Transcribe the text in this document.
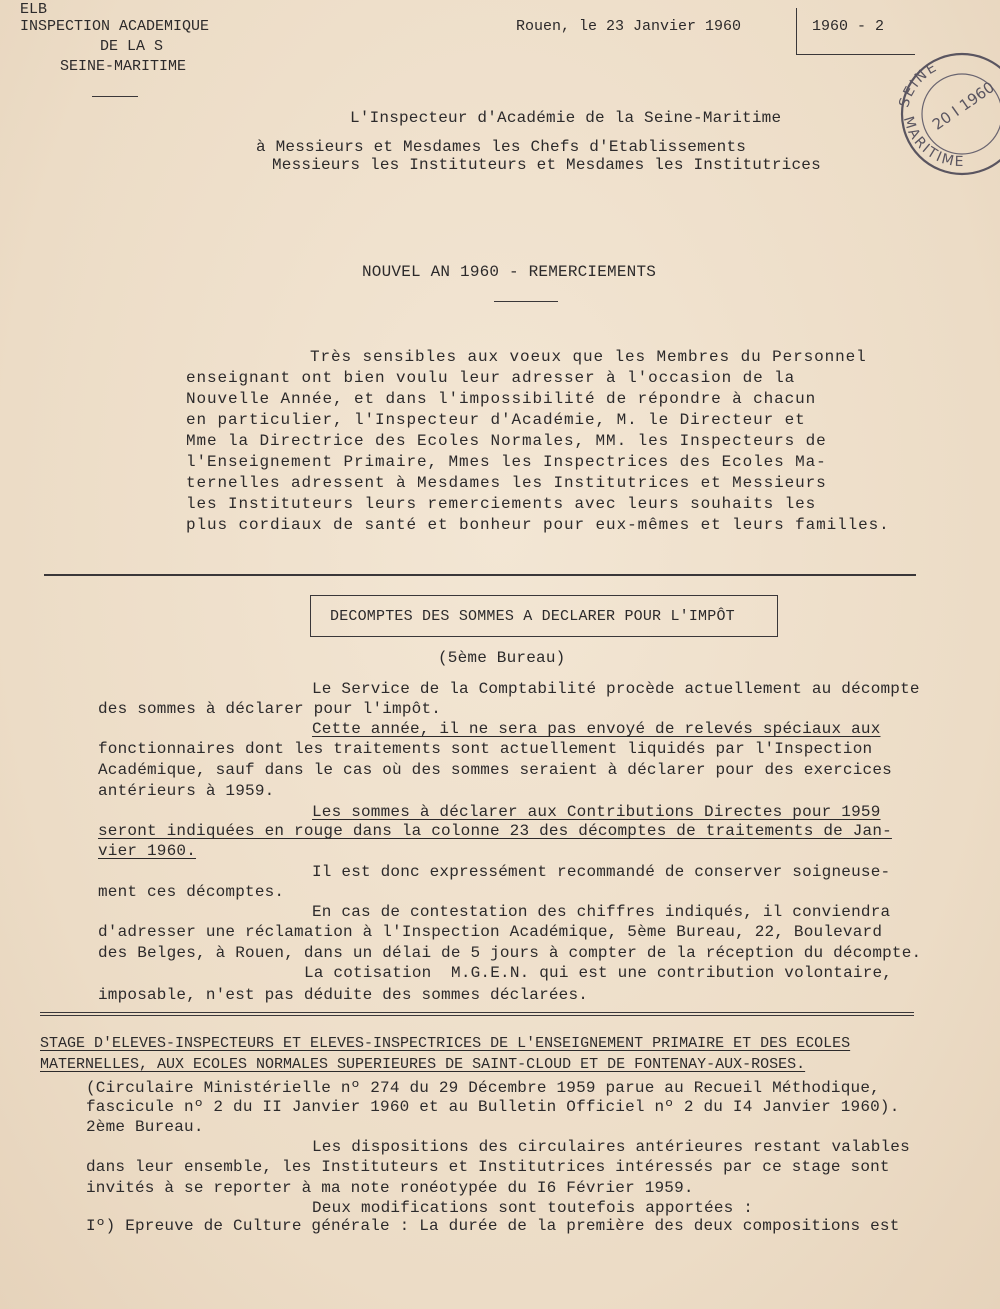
ELB
INSPECTION ACADEMIQUE
DE LA S
SEINE-MARITIME
Rouen, le 23 Janvier 1960	1960 - 2
SEINE
MARITIME
20 I 1960
L'Inspecteur d'Académie de la Seine-Maritime
à Messieurs et Mesdames les Chefs d'Etablissements
Messieurs les Instituteurs et Mesdames les Institutrices
NOUVEL AN 1960 - REMERCIEMENTS
Très sensibles aux voeux que les Membres du Personnel
enseignant ont bien voulu leur adresser à l'occasion de la
Nouvelle Année, et dans l'impossibilité de répondre à chacun
en particulier, l'Inspecteur d'Académie, M. le Directeur et
Mme la Directrice des Ecoles Normales, MM. les Inspecteurs de
l'Enseignement Primaire, Mmes les Inspectrices des Ecoles Ma-
ternelles adressent à Mesdames les Institutrices et Messieurs
les Instituteurs leurs remerciements avec leurs souhaits les
plus cordiaux de santé et bonheur pour eux-mêmes et leurs familles.
DECOMPTES DES SOMMES A DECLARER POUR L'IMPÔT
(5ème Bureau)
Le Service de la Comptabilité procède actuellement au décompte
des sommes à déclarer pour l'impôt.
Cette année, il ne sera pas envoyé de relevés spéciaux aux
fonctionnaires dont les traitements sont actuellement liquidés par l'Inspection
Académique, sauf dans le cas où des sommes seraient à déclarer pour des exercices
antérieurs à 1959.
Les sommes à déclarer aux Contributions Directes pour 1959
seront indiquées en rouge dans la colonne 23 des décomptes de traitements de Jan-
vier 1960.
Il est donc expressément recommandé de conserver soigneuse-
ment ces décomptes.
En cas de contestation des chiffres indiqués, il conviendra
d'adresser une réclamation à l'Inspection Académique, 5ème Bureau, 22, Boulevard
des Belges, à Rouen, dans un délai de 5 jours à compter de la réception du décompte.
La cotisation  M.G.E.N. qui est une contribution volontaire,
imposable, n'est pas déduite des sommes déclarées.
STAGE D'ELEVES-INSPECTEURS ET ELEVES-INSPECTRICES DE L'ENSEIGNEMENT PRIMAIRE ET DES ECOLES
MATERNELLES, AUX ECOLES NORMALES SUPERIEURES DE SAINT-CLOUD ET DE FONTENAY-AUX-ROSES.
(Circulaire Ministérielle nº 274 du 29 Décembre 1959 parue au Recueil Méthodique,
fascicule nº 2 du II Janvier 1960 et au Bulletin Officiel nº 2 du I4 Janvier 1960).
2ème Bureau.
Les dispositions des circulaires antérieures restant valables
dans leur ensemble, les Instituteurs et Institutrices intéressés par ce stage sont
invités à se reporter à ma note ronéotypée du I6 Février 1959.
Deux modifications sont toutefois apportées :
Iº) Epreuve de Culture générale : La durée de la première des deux compositions est
